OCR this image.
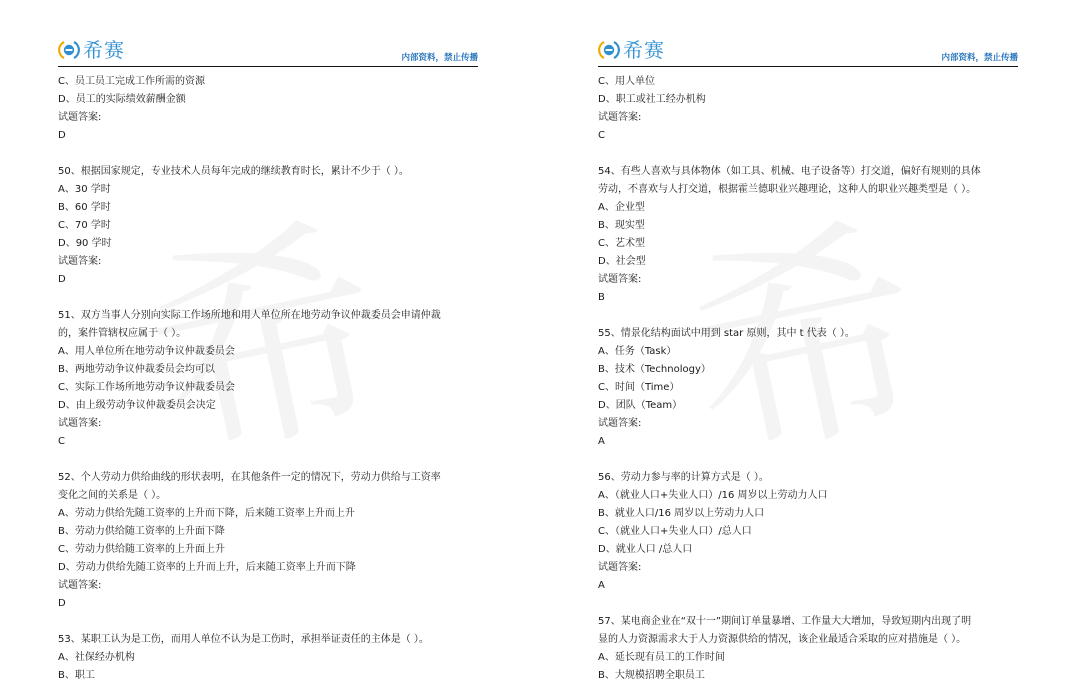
希赛	内部资料，禁止传播
C、员工员工完成工作所需的资源
D、员工的实际绩效薪酬金额
试题答案:
D
50、根据国家规定，专业技术人员每年完成的继续教育时长，累计不少于（ ）。
A、30 学时
B、60 学时
C、70 学时
D、90 学时
试题答案:
D
51、双方当事人分别向实际工作场所地和用人单位所在地劳动争议仲裁委员会申请仲裁
的，案件管辖权应属于（ ）。
A、用人单位所在地劳动争议仲裁委员会
B、两地劳动争议仲裁委员会均可以
C、实际工作场所地劳动争议仲裁委员会
D、由上级劳动争议仲裁委员会决定
试题答案:
C
52、个人劳动力供给曲线的形状表明，在其他条件一定的情况下，劳动力供给与工资率
变化之间的关系是（ ）。
A、劳动力供给先随工资率的上升而下降，后来随工资率上升而上升
B、劳动力供给随工资率的上升面下降
C、劳动力供给随工资率的上升面上升
D、劳动力供给先随工资率的上升而上升，后来随工资率上升而下降
试题答案:
D
53、某职工认为是工伤，而用人单位不认为是工伤时，承担举证责任的主体是（ ）。
A、社保经办机构
B、职工
希赛	内部资料，禁止传播
C、用人单位
D、职工或社工经办机构
试题答案:
C
54、有些人喜欢与具体物体（如工具、机械、电子设备等）打交道，偏好有规则的具体
劳动，不喜欢与人打交道，根据霍兰德职业兴趣理论，这种人的职业兴趣类型是（ ）。
A、企业型
B、现实型
C、艺术型
D、社会型
试题答案:
B
55、情景化结构面试中用到 star 原则，其中 t 代表（ ）。
A、任务（Task）
B、技术（Technology）
C、时间（Time）
D、团队（Team）
试题答案:
A
56、劳动力参与率的计算方式是（ ）。
A、（就业人口+失业人口）/16 周岁以上劳动力人口
B、就业人口/16 周岁以上劳动力人口
C、（就业人口+失业人口）/总人口
D、就业人口 /总人口
试题答案:
A
57、某电商企业在“双十一”期间订单量暴增、工作量大大增加，导致短期内出现了明
显的人力资源需求大于人力资源供给的情况，该企业最适合采取的应对措施是（ ）。
A、延长现有员工的工作时间
B、大规模招聘全职员工
